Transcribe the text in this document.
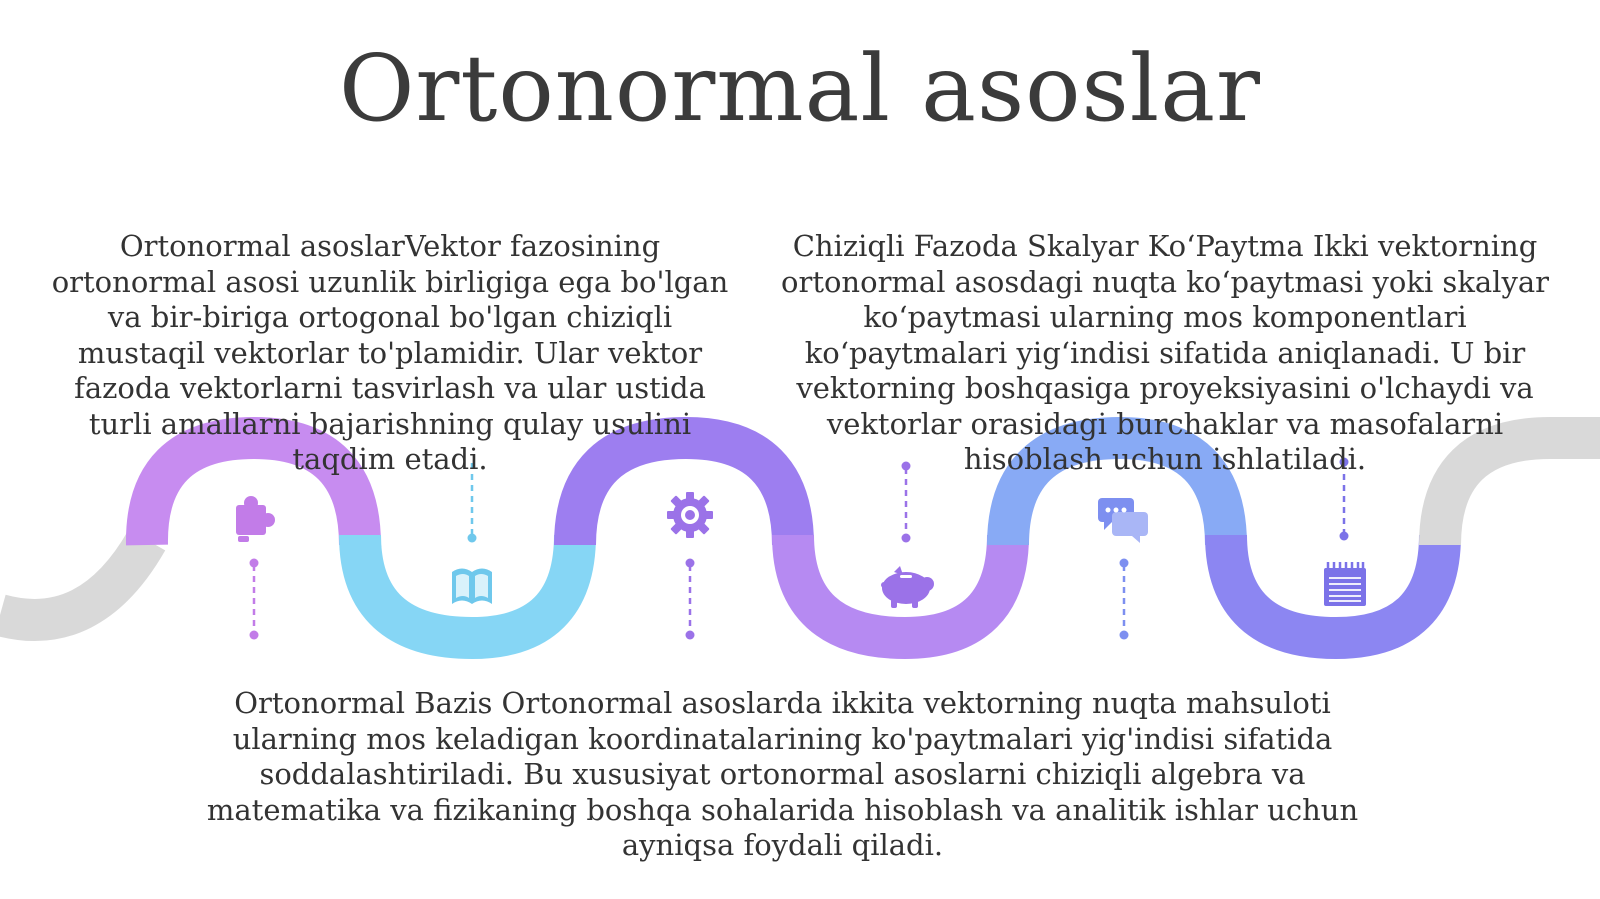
Ortonormal asoslar

Ortonormal asoslarVektor fazosining ortonormal asosi uzunlik birligiga ega bo'lgan va bir-biriga ortogonal bo'lgan chiziqli mustaqil vektorlar to'plamidir. Ular vektor fazoda vektorlarni tasvirlash va ular ustida turli amallarni bajarishning qulay usulini taqdim etadi.

Chiziqli Fazoda Skalyar Ko‘Paytma Ikki vektorning ortonormal asosdagi nuqta ko‘paytmasi yoki skalyar ko‘paytmasi ularning mos komponentlari ko‘paytmalari yig‘indisi sifatida aniqlanadi. U bir vektorning boshqasiga proyeksiyasini o'lchaydi va vektorlar orasidagi burchaklar va masofalarni hisoblash uchun ishlatiladi.

Ortonormal Bazis Ortonormal asoslarda ikkita vektorning nuqta mahsuloti ularning mos keladigan koordinatalarining ko'paytmalari yig'indisi sifatida soddalashtiriladi. Bu xususiyat ortonormal asoslarni chiziqli algebra va matematika va fizikaning boshqa sohalarida hisoblash va analitik ishlar uchun ayniqsa foydali qiladi.
